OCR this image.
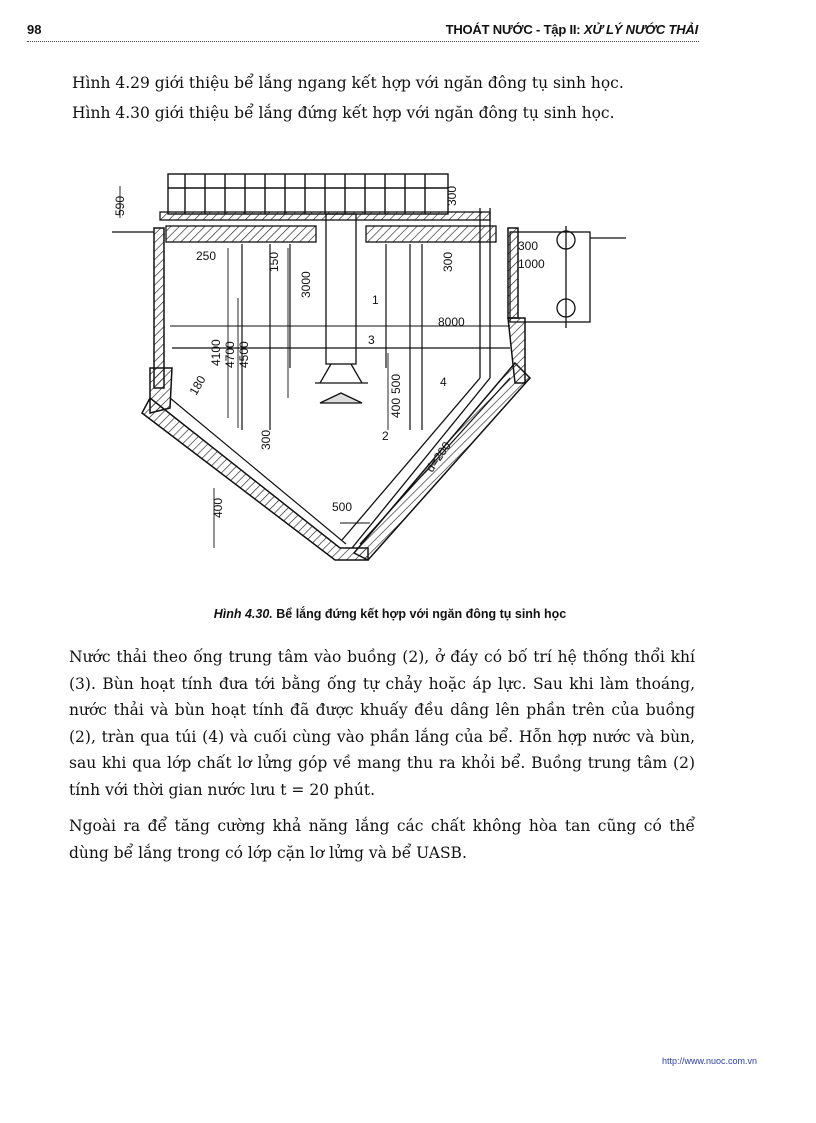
98	THOÁT NƯỚC - Tập II: XỬ LÝ NƯỚC THẢI

Hình 4.29 giới thiệu bể lắng ngang kết hợp với ngăn đông tụ sinh học.

Hình 4.30 giới thiệu bể lắng đứng kết hợp với ngăn đông tụ sinh học.

590	300
250	150
3000
300
300
1000
8000
4100 4700 4500
180	500
400
300
400	500
d=200
1
2
3
4
Hình 4.30. Bể lắng đứng kết hợp với ngăn đông tụ sinh học

Nước thải theo ống trung tâm vào buồng (2), ở đáy có bố trí hệ thống thổi khí (3). Bùn hoạt tính đưa tới bằng ống tự chảy hoặc áp lực. Sau khi làm thoáng, nước thải và bùn hoạt tính đã được khuấy đều dâng lên phần trên của buồng (2), tràn qua túi (4) và cuối cùng vào phần lắng của bể. Hỗn hợp nước và bùn, sau khi qua lớp chất lơ lửng góp về mang thu ra khỏi bể. Buồng trung tâm (2) tính với thời gian nước lưu t = 20 phút.

Ngoài ra để tăng cường khả năng lắng các chất không hòa tan cũng có thể dùng bể lắng trong có lớp cặn lơ lửng và bể UASB.

http://www.nuoc.com.vn
